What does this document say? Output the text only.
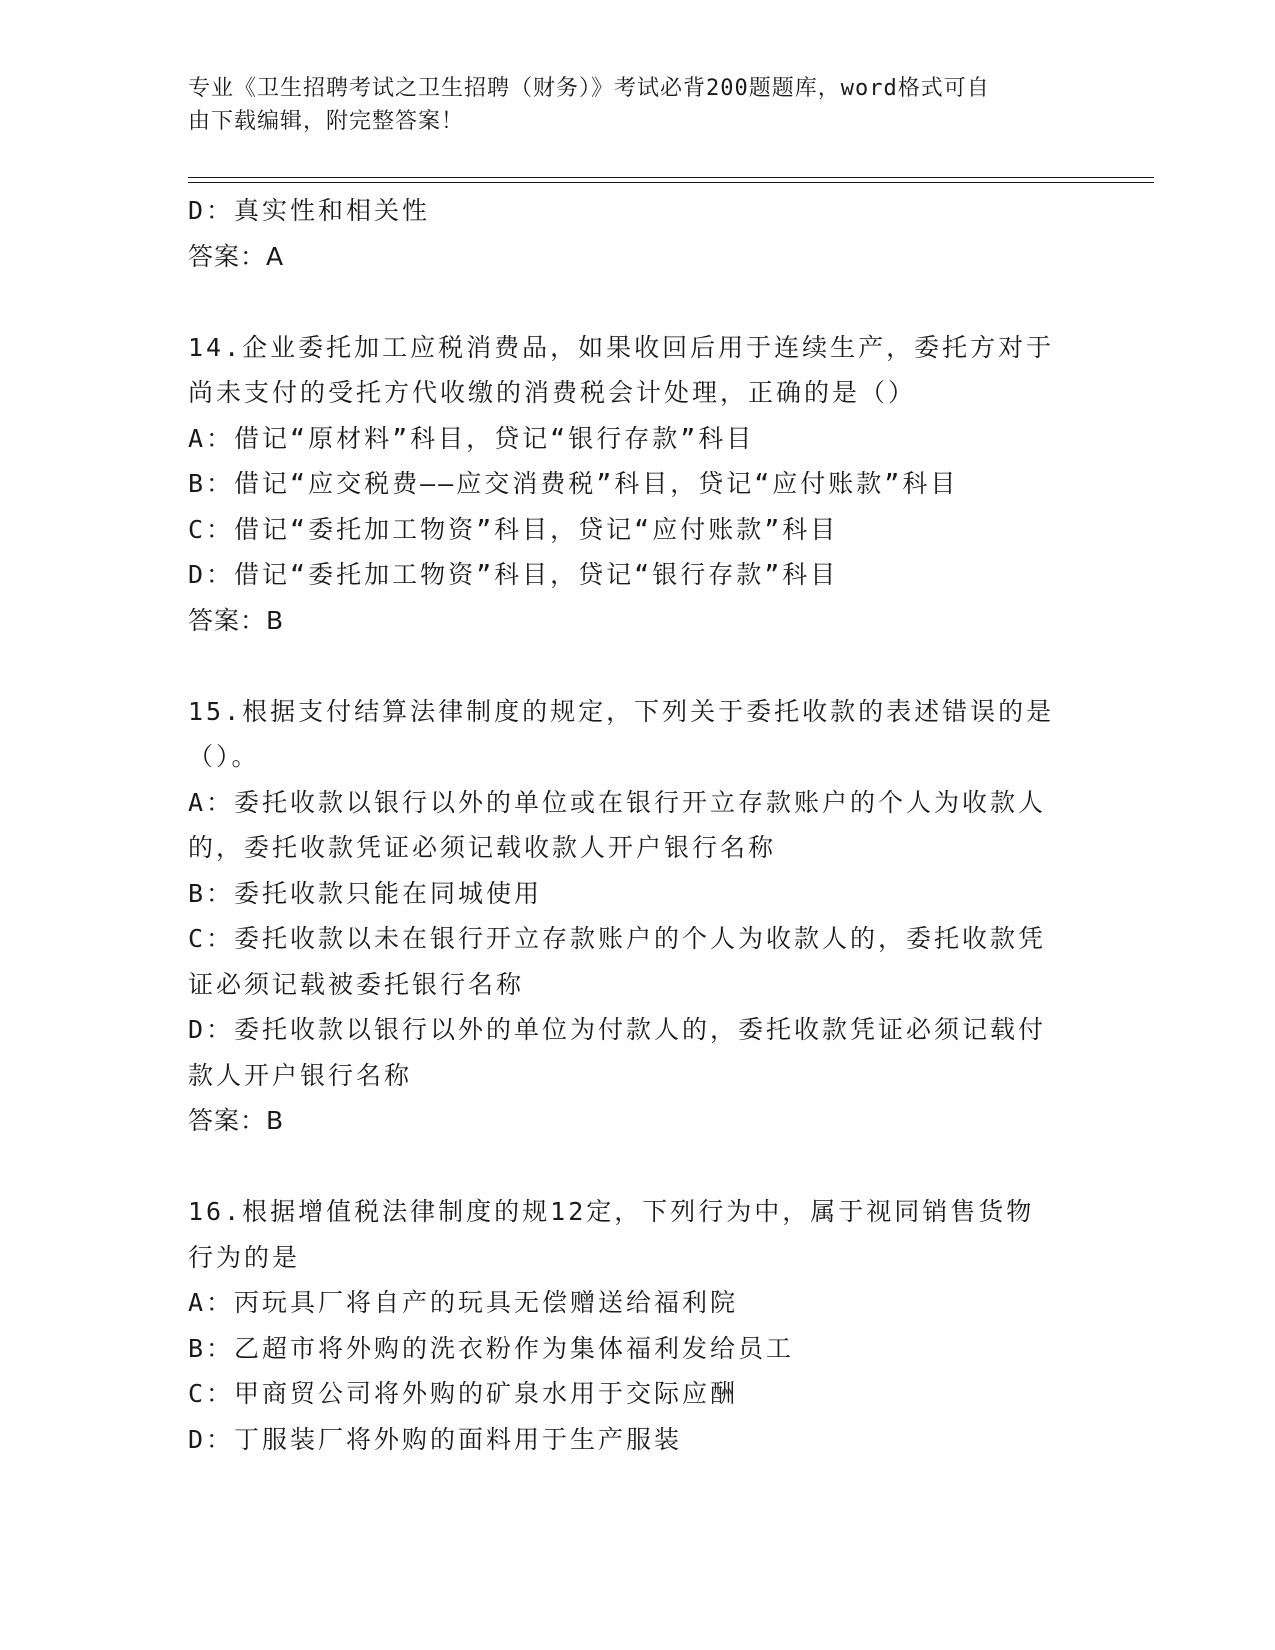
专业《卫生招聘考试之卫生招聘（财务）》考试必背200题题库，word格式可自
由下载编辑，附完整答案！

D：真实性和相关性

答案：A

14.企业委托加工应税消费品，如果收回后用于连续生产，委托方对于

尚未支付的受托方代收缴的消费税会计处理，正确的是（）

A：借记“原材料”科目，贷记“银行存款”科目

B：借记“应交税费——应交消费税”科目，贷记“应付账款”科目

C：借记“委托加工物资”科目，贷记“应付账款”科目

D：借记“委托加工物资”科目，贷记“银行存款”科目

答案：B

15.根据支付结算法律制度的规定，下列关于委托收款的表述错误的是

（）。

A：委托收款以银行以外的单位或在银行开立存款账户的个人为收款人

的，委托收款凭证必须记载收款人开户银行名称

B：委托收款只能在同城使用

C：委托收款以未在银行开立存款账户的个人为收款人的，委托收款凭

证必须记载被委托银行名称

D：委托收款以银行以外的单位为付款人的，委托收款凭证必须记载付

款人开户银行名称

答案：B

16.根据增值税法律制度的规12定，下列行为中，属于视同销售货物

行为的是

A：丙玩具厂将自产的玩具无偿赠送给福利院

B：乙超市将外购的洗衣粉作为集体福利发给员工

C：甲商贸公司将外购的矿泉水用于交际应酬

D：丁服装厂将外购的面料用于生产服装
